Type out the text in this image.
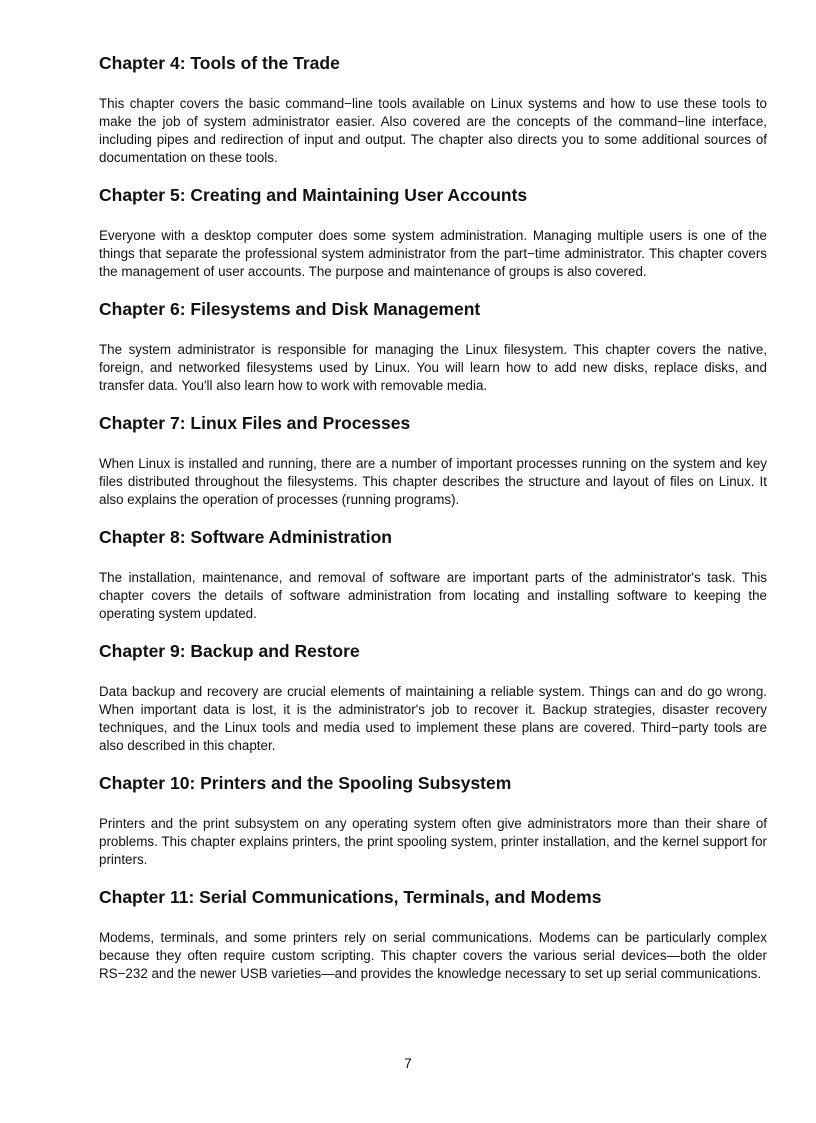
Chapter 4: Tools of the Trade

This chapter covers the basic command−line tools available on Linux systems and how to use these tools to make the job of system administrator easier. Also covered are the concepts of the command−line interface, including pipes and redirection of input and output. The chapter also directs you to some additional sources of documentation on these tools.

Chapter 5: Creating and Maintaining User Accounts

Everyone with a desktop computer does some system administration. Managing multiple users is one of the things that separate the professional system administrator from the part−time administrator. This chapter covers the management of user accounts. The purpose and maintenance of groups is also covered.

Chapter 6: Filesystems and Disk Management

The system administrator is responsible for managing the Linux filesystem. This chapter covers the native, foreign, and networked filesystems used by Linux. You will learn how to add new disks, replace disks, and transfer data. You'll also learn how to work with removable media.

Chapter 7: Linux Files and Processes

When Linux is installed and running, there are a number of important processes running on the system and key files distributed throughout the filesystems. This chapter describes the structure and layout of files on Linux. It also explains the operation of processes (running programs).

Chapter 8: Software Administration

The installation, maintenance, and removal of software are important parts of the administrator's task. This chapter covers the details of software administration from locating and installing software to keeping the operating system updated.

Chapter 9: Backup and Restore

Data backup and recovery are crucial elements of maintaining a reliable system. Things can and do go wrong. When important data is lost, it is the administrator's job to recover it. Backup strategies, disaster recovery techniques, and the Linux tools and media used to implement these plans are covered. Third−party tools are also described in this chapter.

Chapter 10: Printers and the Spooling Subsystem

Printers and the print subsystem on any operating system often give administrators more than their share of problems. This chapter explains printers, the print spooling system, printer installation, and the kernel support for printers.

Chapter 11: Serial Communications, Terminals, and Modems

Modems, terminals, and some printers rely on serial communications. Modems can be particularly complex because they often require custom scripting. This chapter covers the various serial devices—both the older RS−232 and the newer USB varieties—and provides the knowledge necessary to set up serial communications.

7
